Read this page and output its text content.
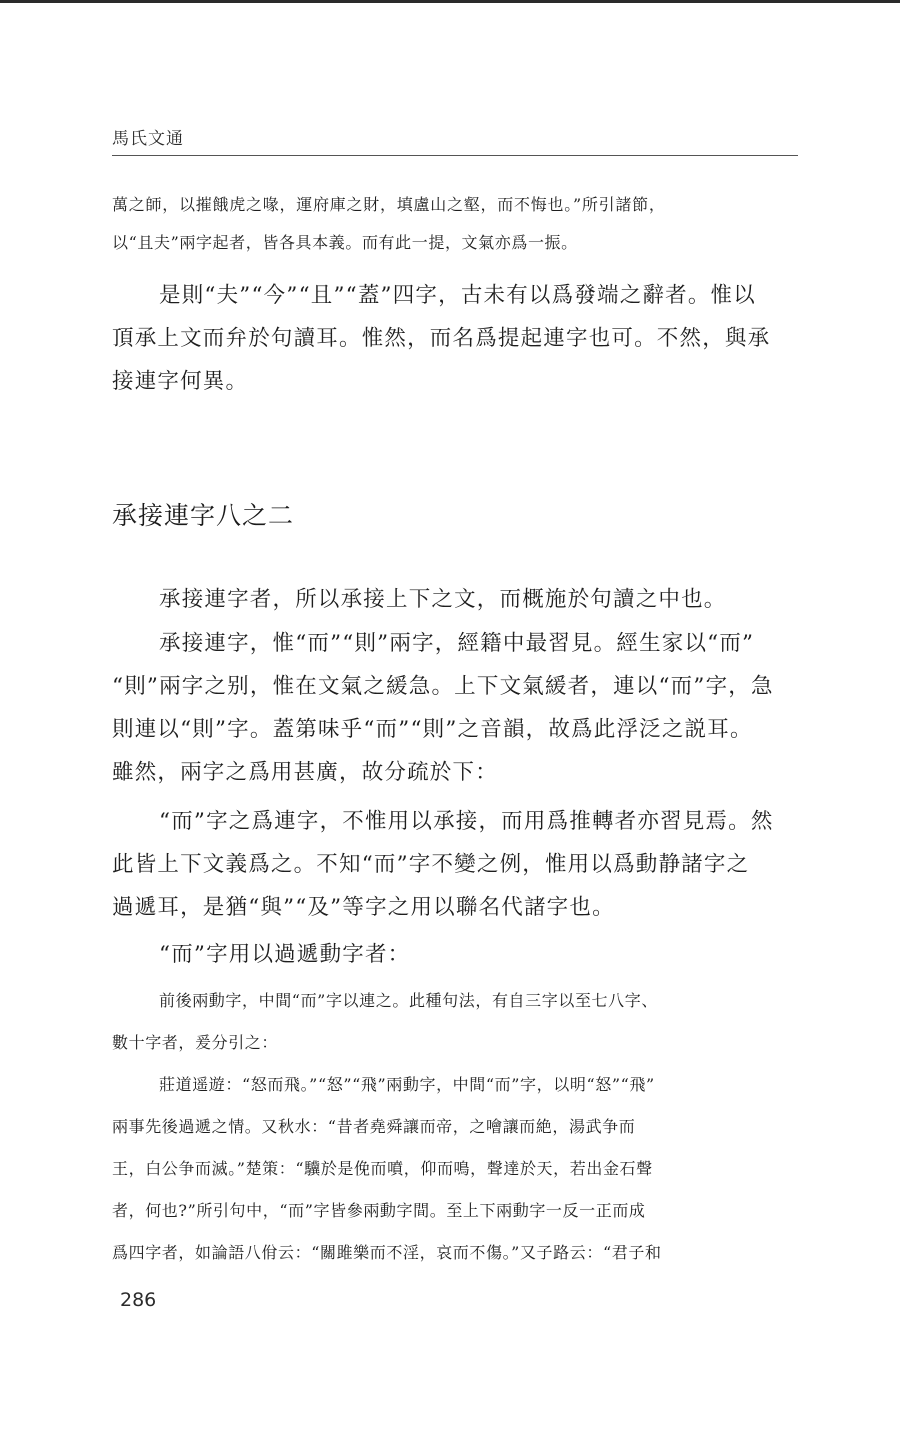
馬氏文通

萬之師，以摧餓虎之喙，運府庫之財，填盧山之壑，而不悔也。”所引諸節，

以“且夫”兩字起者，皆各具本義。而有此一提，文氣亦爲一振。

是則“夫”“今”“且”“蓋”四字，古未有以爲發端之辭者。惟以

頂承上文而弁於句讀耳。惟然，而名爲提起連字也可。不然，與承

接連字何異。

承接連字八之二

承接連字者，所以承接上下之文，而概施於句讀之中也。

承接連字，惟“而”“則”兩字，經籍中最習見。經生家以“而”

“則”兩字之别，惟在文氣之緩急。上下文氣緩者，連以“而”字，急

則連以“則”字。蓋第味乎“而”“則”之音韻，故爲此浮泛之説耳。

雖然，兩字之爲用甚廣，故分疏於下：

“而”字之爲連字，不惟用以承接，而用爲推轉者亦習見焉。然

此皆上下文義爲之。不知“而”字不變之例，惟用以爲動静諸字之

過遞耳，是猶“與”“及”等字之用以聯名代諸字也。

“而”字用以過遞動字者：

前後兩動字，中間“而”字以連之。此種句法，有自三字以至七八字、

數十字者，爰分引之：

莊道遥遊：“怒而飛。”“怒”“飛”兩動字，中間“而”字，以明“怒”“飛”

兩事先後過遞之情。又秋水：“昔者堯舜讓而帝，之噲讓而絶，湯武争而

王，白公争而滅。”楚策：“驥於是俛而噴，仰而鳴，聲達於天，若出金石聲

者，何也?”所引句中，“而”字皆參兩動字間。至上下兩動字一反一正而成

爲四字者，如論語八佾云：“關雎樂而不淫，哀而不傷。”又子路云：“君子和

286
